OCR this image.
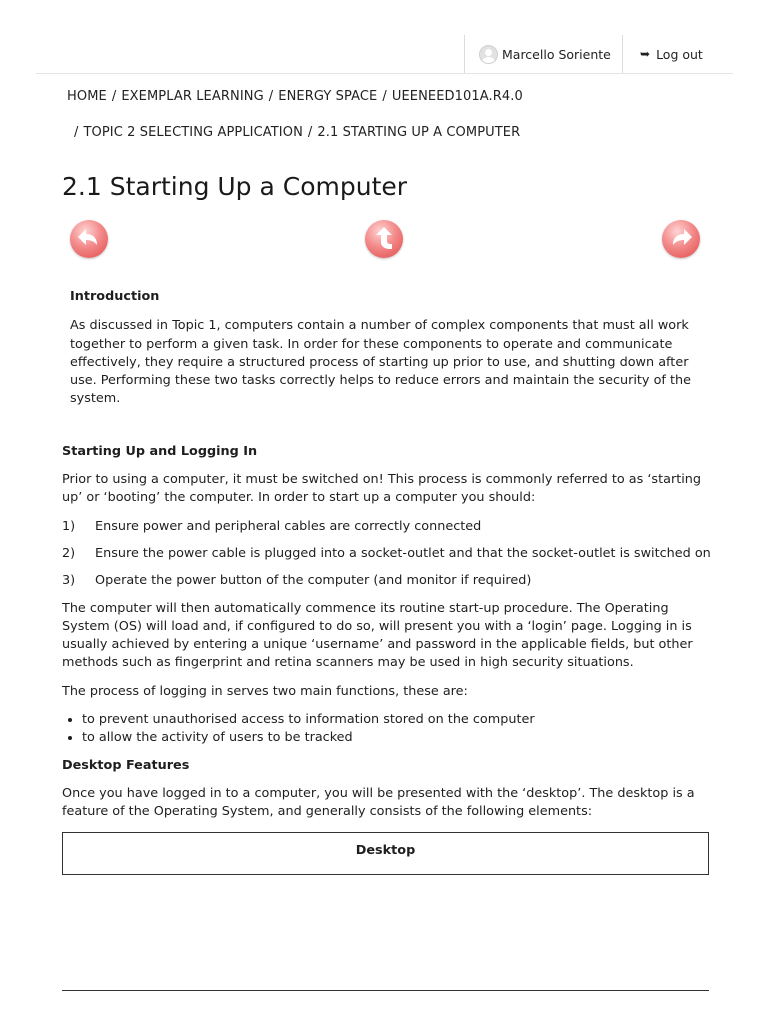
Marcello Soriente ➥ Log out
HOME / EXEMPLAR LEARNING / ENERGY SPACE / UEENEED101A.R4.0
/ TOPIC 2 SELECTING APPLICATION / 2.1 STARTING UP A COMPUTER
2.1 Starting Up a Computer
Introduction

As discussed in Topic 1, computers contain a number of complex components that must all work together to perform a given task. In order for these components to operate and communicate effectively, they require a structured process of starting up prior to use, and shutting down after use. Performing these two tasks correctly helps to reduce errors and maintain the security of the system.

Starting Up and Logging In

Prior to using a computer, it must be switched on! This process is commonly referred to as ‘starting up’ or ‘booting’ the computer. In order to start up a computer you should:

1)	Ensure power and peripheral cables are correctly connected
2)	Ensure the power cable is plugged into a socket-outlet and that the socket-outlet is switched on
3)	Operate the power button of the computer (and monitor if required)

The computer will then automatically commence its routine start-up procedure. The Operating System (OS) will load and, if configured to do so, will present you with a ‘login’ page. Logging in is usually achieved by entering a unique ‘username’ and password in the applicable fields, but other methods such as fingerprint and retina scanners may be used in high security situations.

The process of logging in serves two main functions, these are:

• to prevent unauthorised access to information stored on the computer
• to allow the activity of users to be tracked
Desktop Features

Once you have logged in to a computer, you will be presented with the ‘desktop’. The desktop is a feature of the Operating System, and generally consists of the following elements:

Desktop
